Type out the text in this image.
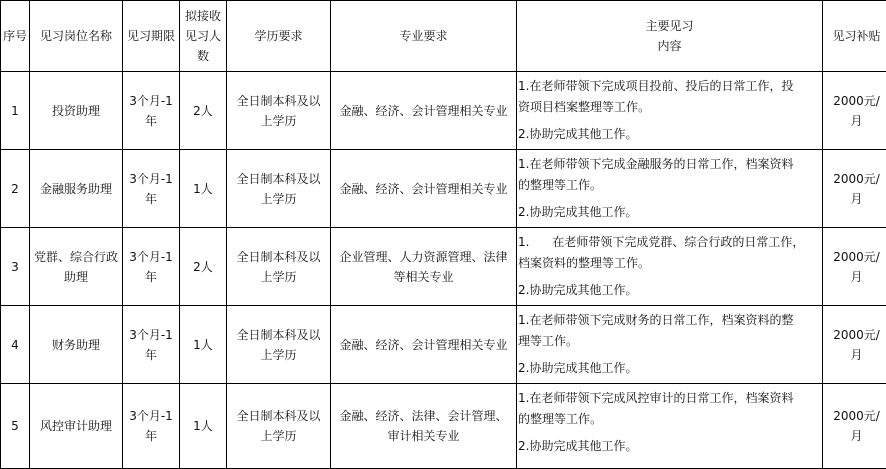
序号	见习岗位名称	见习期限	拟接收
见习人
数	学历要求	专业要求	主要见习
内容	见习补贴
1	投资助理	3个月-1
年	2人	全日制本科及以
上学历	金融、经济、会计管理相关专业	1.在老师带领下完成项目投前、投后的日常工作，投
资项目档案整理等工作。
2.协助完成其他工作。	2000元/
月

2	金融服务助理	3个月-1
年	1人	全日制本科及以
上学历	金融、经济、会计管理相关专业	1.在老师带领下完成金融服务的日常工作，档案资料
的整理等工作。
2.协助完成其他工作。	2000元/
月

3	党群、综合行政
助理	3个月-1
年	2人	全日制本科及以
上学历	企业管理、人力资源管理、法律
等相关专业	1.      在老师带领下完成党群、综合行政的日常工作，
档案资料的整理等工作。
2.协助完成其他工作。	2000元/
月

4	财务助理	3个月-1
年	1人	全日制本科及以
上学历	金融、经济、会计管理相关专业	1.在老师带领下完成财务的日常工作，档案资料的整
理等工作。
2.协助完成其他工作。	2000元/
月

5	风控审计助理	3个月-1
年	1人	全日制本科及以
上学历	金融、经济、法律、会计管理、
审计相关专业	1.在老师带领下完成风控审计的日常工作，档案资料
的整理等工作。
2.协助完成其他工作。	2000元/
月
